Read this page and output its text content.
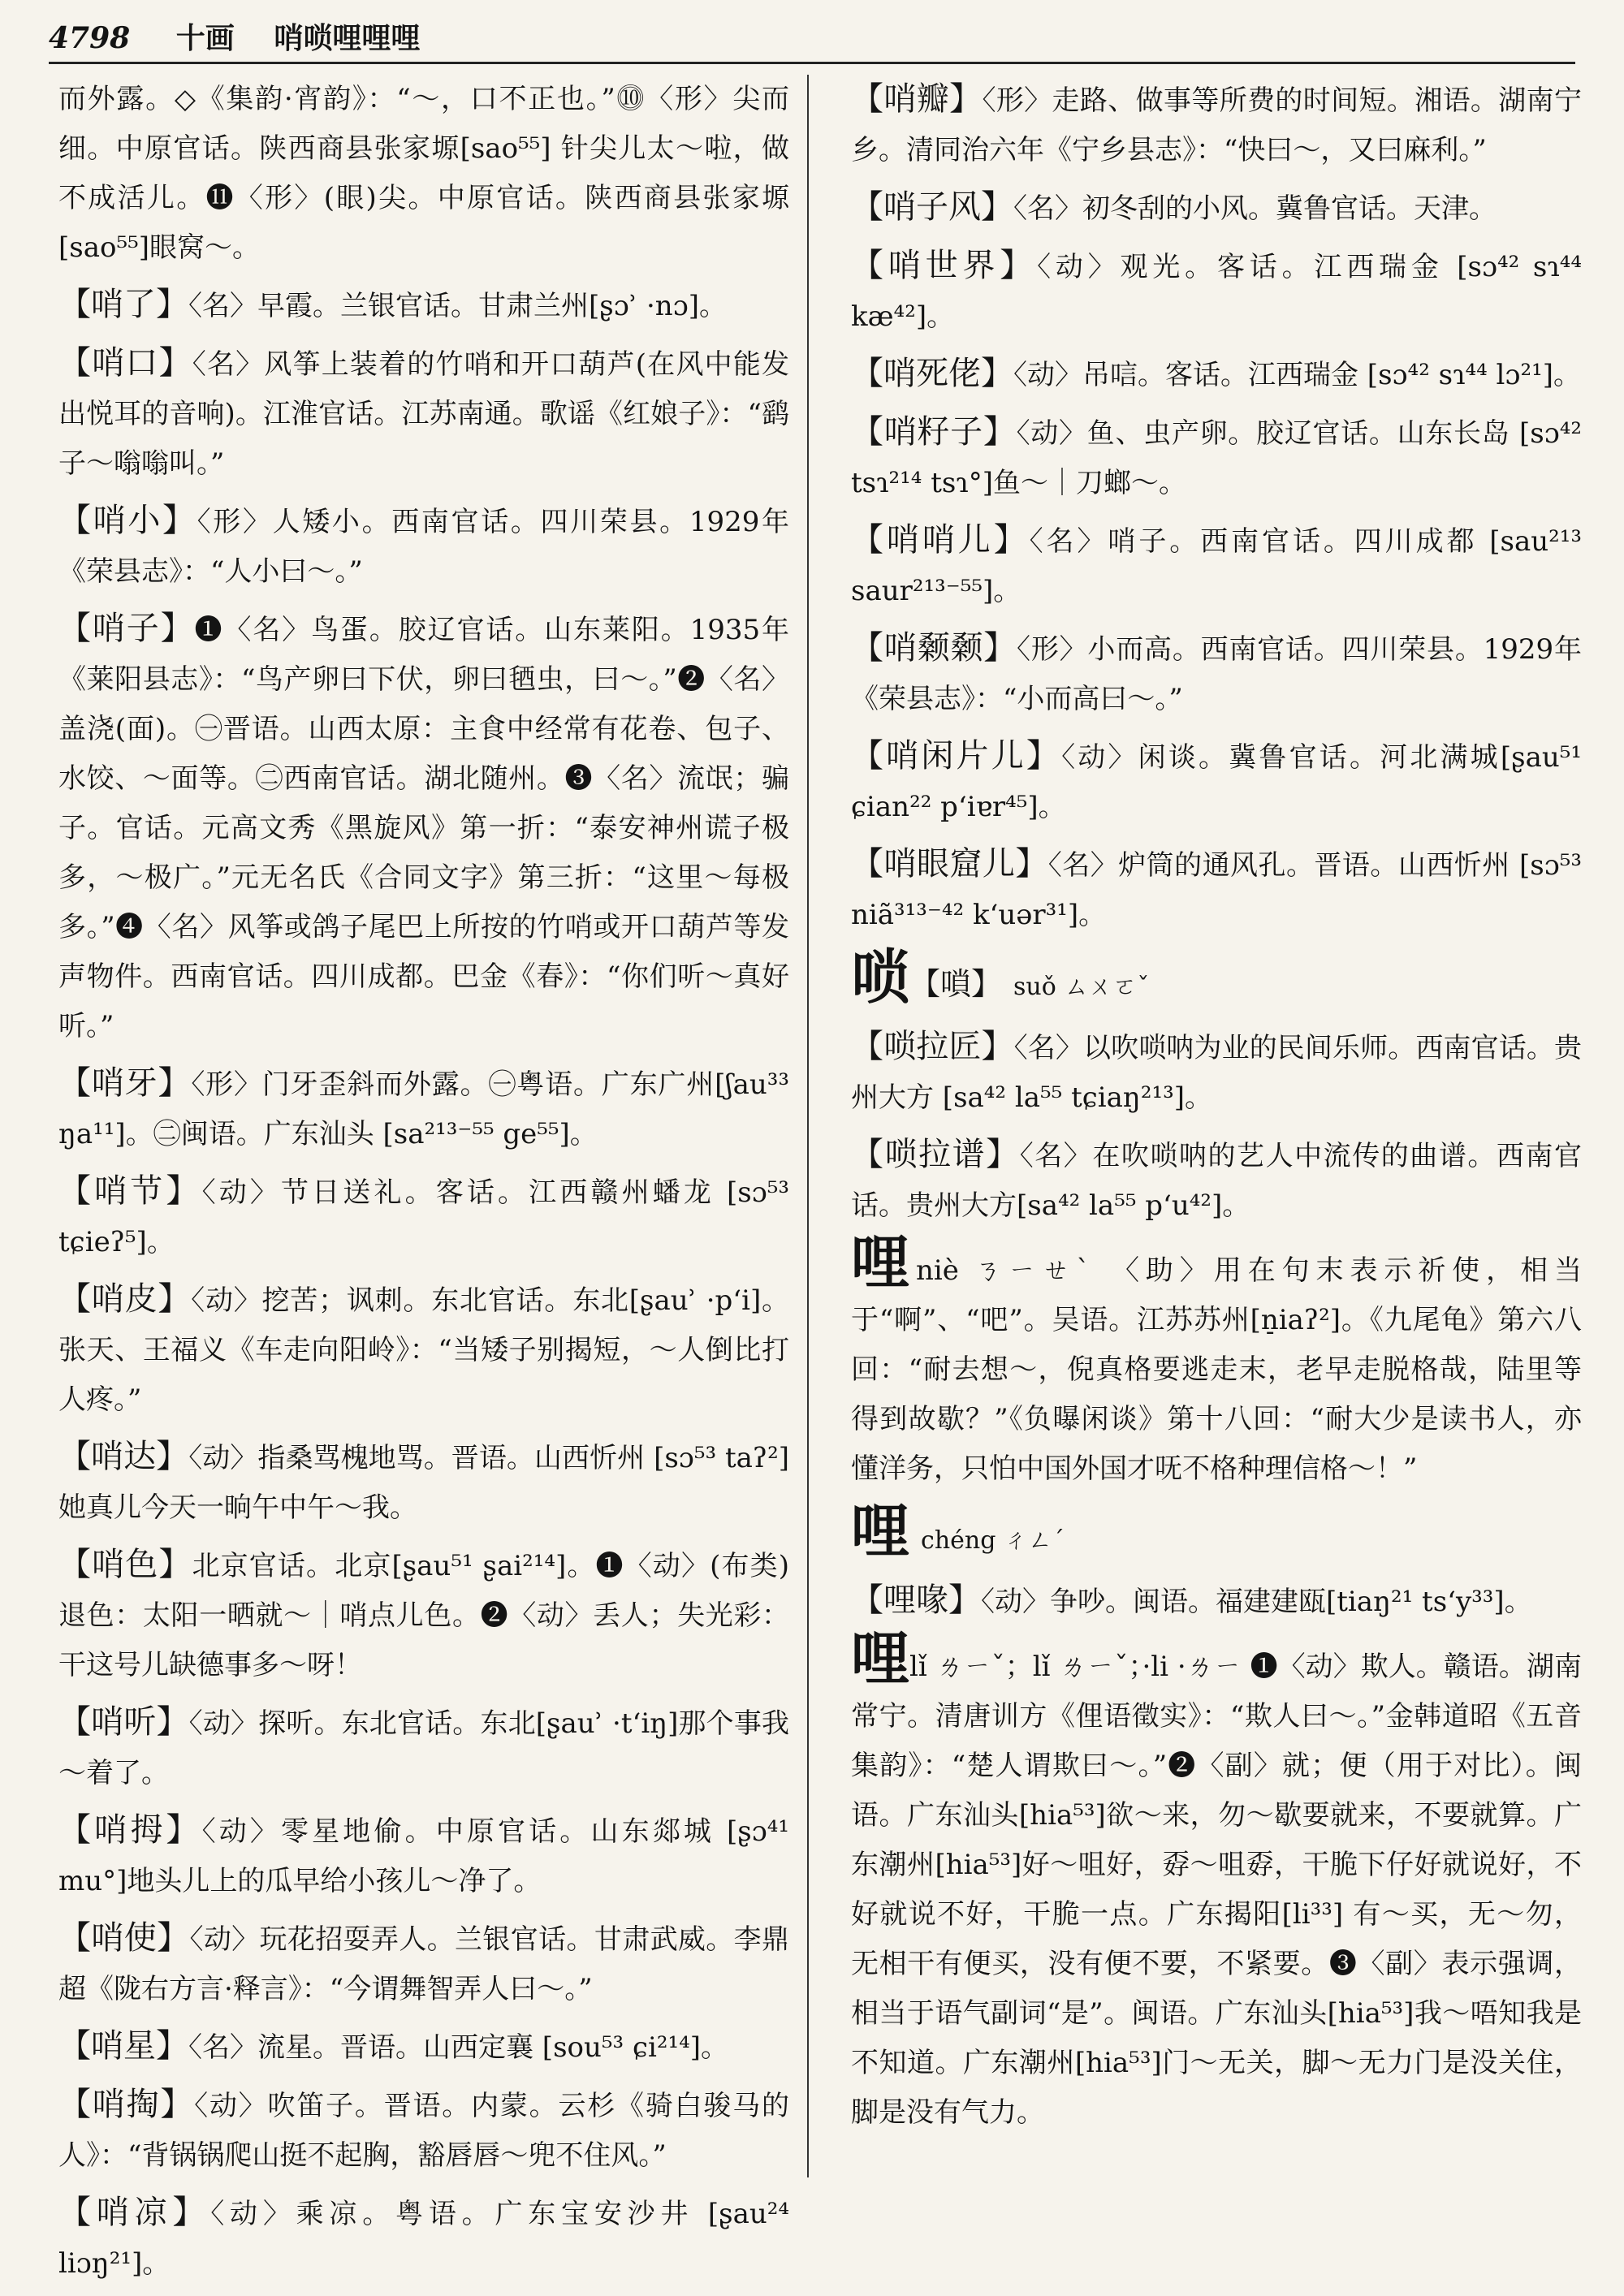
4798 十画 哨唢哩哩哩

而外露。◇《集韵·宵韵》：“～，口不正也。”⓾〈形〉尖而细。中原官话。陕西商县张家塬[sao⁵⁵] 针尖儿太～啦，做不成活儿。⓫〈形〉(眼)尖。中原官话。陕西商县张家塬[sao⁵⁵]眼窝～。

【哨了】〈名〉早霞。兰银官话。甘肃兰州[ʂɔʾ ·nɔ]。

【哨口】〈名〉风筝上装着的竹哨和开口葫芦(在风中能发出悦耳的音响)。江淮官话。江苏南通。歌谣《红娘子》：“鹞子～嗡嗡叫。”

【哨小】〈形〉人矮小。西南官话。四川荣县。1929年《荣县志》：“人小曰～。”

【哨子】❶〈名〉鸟蛋。胶辽官话。山东莱阳。1935年《莱阳县志》：“鸟产卵曰下伏，卵曰毢虫，曰～。”❷〈名〉盖浇(面)。㊀晋语。山西太原：主食中经常有花卷、包子、水饺、～面等。㊁西南官话。湖北随州。❸〈名〉流氓；骗子。官话。元高文秀《黑旋风》第一折：“泰安神州谎子极多，～极广。”元无名氏《合同文字》第三折：“这里～每极多。”❹〈名〉风筝或鸽子尾巴上所按的竹哨或开口葫芦等发声物件。西南官话。四川成都。巴金《春》：“你们听～真好听。”

【哨牙】〈形〉门牙歪斜而外露。㊀粤语。广东广州[ʃau³³ ŋa¹¹]。㊁闽语。广东汕头 [sa²¹³⁻⁵⁵ ge⁵⁵]。

【哨节】〈动〉节日送礼。客话。江西赣州蟠龙 [sɔ⁵³ tɕieʔ⁵]。

【哨皮】〈动〉挖苦；讽刺。东北官话。东北[ʂauʾ ·p‘i]。张天、王福义《车走向阳岭》：“当矮子别揭短，～人倒比打人疼。”

【哨达】〈动〉指桑骂槐地骂。晋语。山西忻州 [sɔ⁵³ taʔ²]她真儿今天一晌午中午～我。

【哨色】北京官话。北京[ʂau⁵¹ ʂai²¹⁴]。❶〈动〉(布类)退色：太阳一晒就～｜哨点儿色。❷〈动〉丢人；失光彩：干这号儿缺德事多～呀！

【哨听】〈动〉探听。东北官话。东北[ʂauʾ ·t‘iŋ]那个事我～着了。

【哨拇】〈动〉零星地偷。中原官话。山东郯城 [ʂɔ⁴¹ mu°]地头儿上的瓜早给小孩儿～净了。

【哨使】〈动〉玩花招耍弄人。兰银官话。甘肃武威。李鼎超《陇右方言·释言》：“今谓舞智弄人曰～。”

【哨星】〈名〉流星。晋语。山西定襄 [sou⁵³ ɕi²¹⁴]。

【哨掏】〈动〉吹笛子。晋语。内蒙。云杉《骑白骏马的人》：“背锅锅爬山挺不起胸，豁唇唇～兜不住风。”

【哨凉】〈动〉乘凉。粤语。广东宝安沙井 [ʂau²⁴ liɔŋ²¹]。

【哨瓣】〈形〉走路、做事等所费的时间短。湘语。湖南宁乡。清同治六年《宁乡县志》：“快曰～，又曰麻利。”

【哨子风】〈名〉初冬刮的小风。冀鲁官话。天津。

【哨世界】〈动〉观光。客话。江西瑞金 [sɔ⁴² sɿ⁴⁴ kæ⁴²]。

【哨死佬】〈动〉吊唁。客话。江西瑞金 [sɔ⁴² sɿ⁴⁴ lɔ²¹]。

【哨籽子】〈动〉鱼、虫产卵。胶辽官话。山东长岛 [sɔ⁴² tsɿ²¹⁴ tsɿ°]鱼～｜刀螂～。

【哨哨儿】〈名〉哨子。西南官话。四川成都 [sau²¹³ saur²¹³⁻⁵⁵]。

【哨颡颡】〈形〉小而高。西南官话。四川荣县。1929年《荣县志》：“小而高曰～。”

【哨闲片儿】〈动〉闲谈。冀鲁官话。河北满城[ʂau⁵¹ ɕian²² p‘iɐr⁴⁵]。

【哨眼窟儿】〈名〉炉筒的通风孔。晋语。山西忻州 [sɔ⁵³ niã³¹³⁻⁴² k‘uər³¹]。

唢【嗩】 suǒ ㄙㄨㄛˇ

【唢拉匠】〈名〉以吹唢呐为业的民间乐师。西南官话。贵州大方 [sa⁴² la⁵⁵ tɕiaŋ²¹³]。

【唢拉谱】〈名〉在吹唢呐的艺人中流传的曲谱。西南官话。贵州大方[sa⁴² la⁵⁵ p‘u⁴²]。

哩niè ㄋㄧㄝˋ 〈助〉用在句末表示祈使，相当于“啊”、“吧”。吴语。江苏苏州[n̠iaʔ²]。《九尾龟》第六八回：“耐去想～，倪真格要逃走末，老早走脱格哉，陆里等得到故歇？”《负曝闲谈》第十八回：“耐大少是读书人，亦懂洋务，只怕中国外国才呒不格种理信格～！”

哩chéng ㄔㄥˊ

【哩喙】〈动〉争吵。闽语。福建建瓯[tiaŋ²¹ ts‘y³³]。

哩lǐ ㄌㄧˇ；lǐ ㄌㄧˇ；·li ·ㄌㄧ ❶〈动〉欺人。赣语。湖南常宁。清唐训方《俚语徵实》：“欺人曰～。”金韩道昭《五音集韵》：“楚人谓欺曰～。”❷〈副〉就；便（用于对比）。闽语。广东汕头[hia⁵³]欲～来，勿～歇要就来，不要就算。广东潮州[hia⁵³]好～咀好，孬～咀孬，干脆下仔好就说好，不好就说不好，干脆一点。广东揭阳[li³³] 有～买，无～勿，无相干有便买，没有便不要，不紧要。❸〈副〉表示强调，相当于语气副词“是”。闽语。广东汕头[hia⁵³]我～唔知我是不知道。广东潮州[hia⁵³]门～无关，脚～无力门是没关住，脚是没有气力。
